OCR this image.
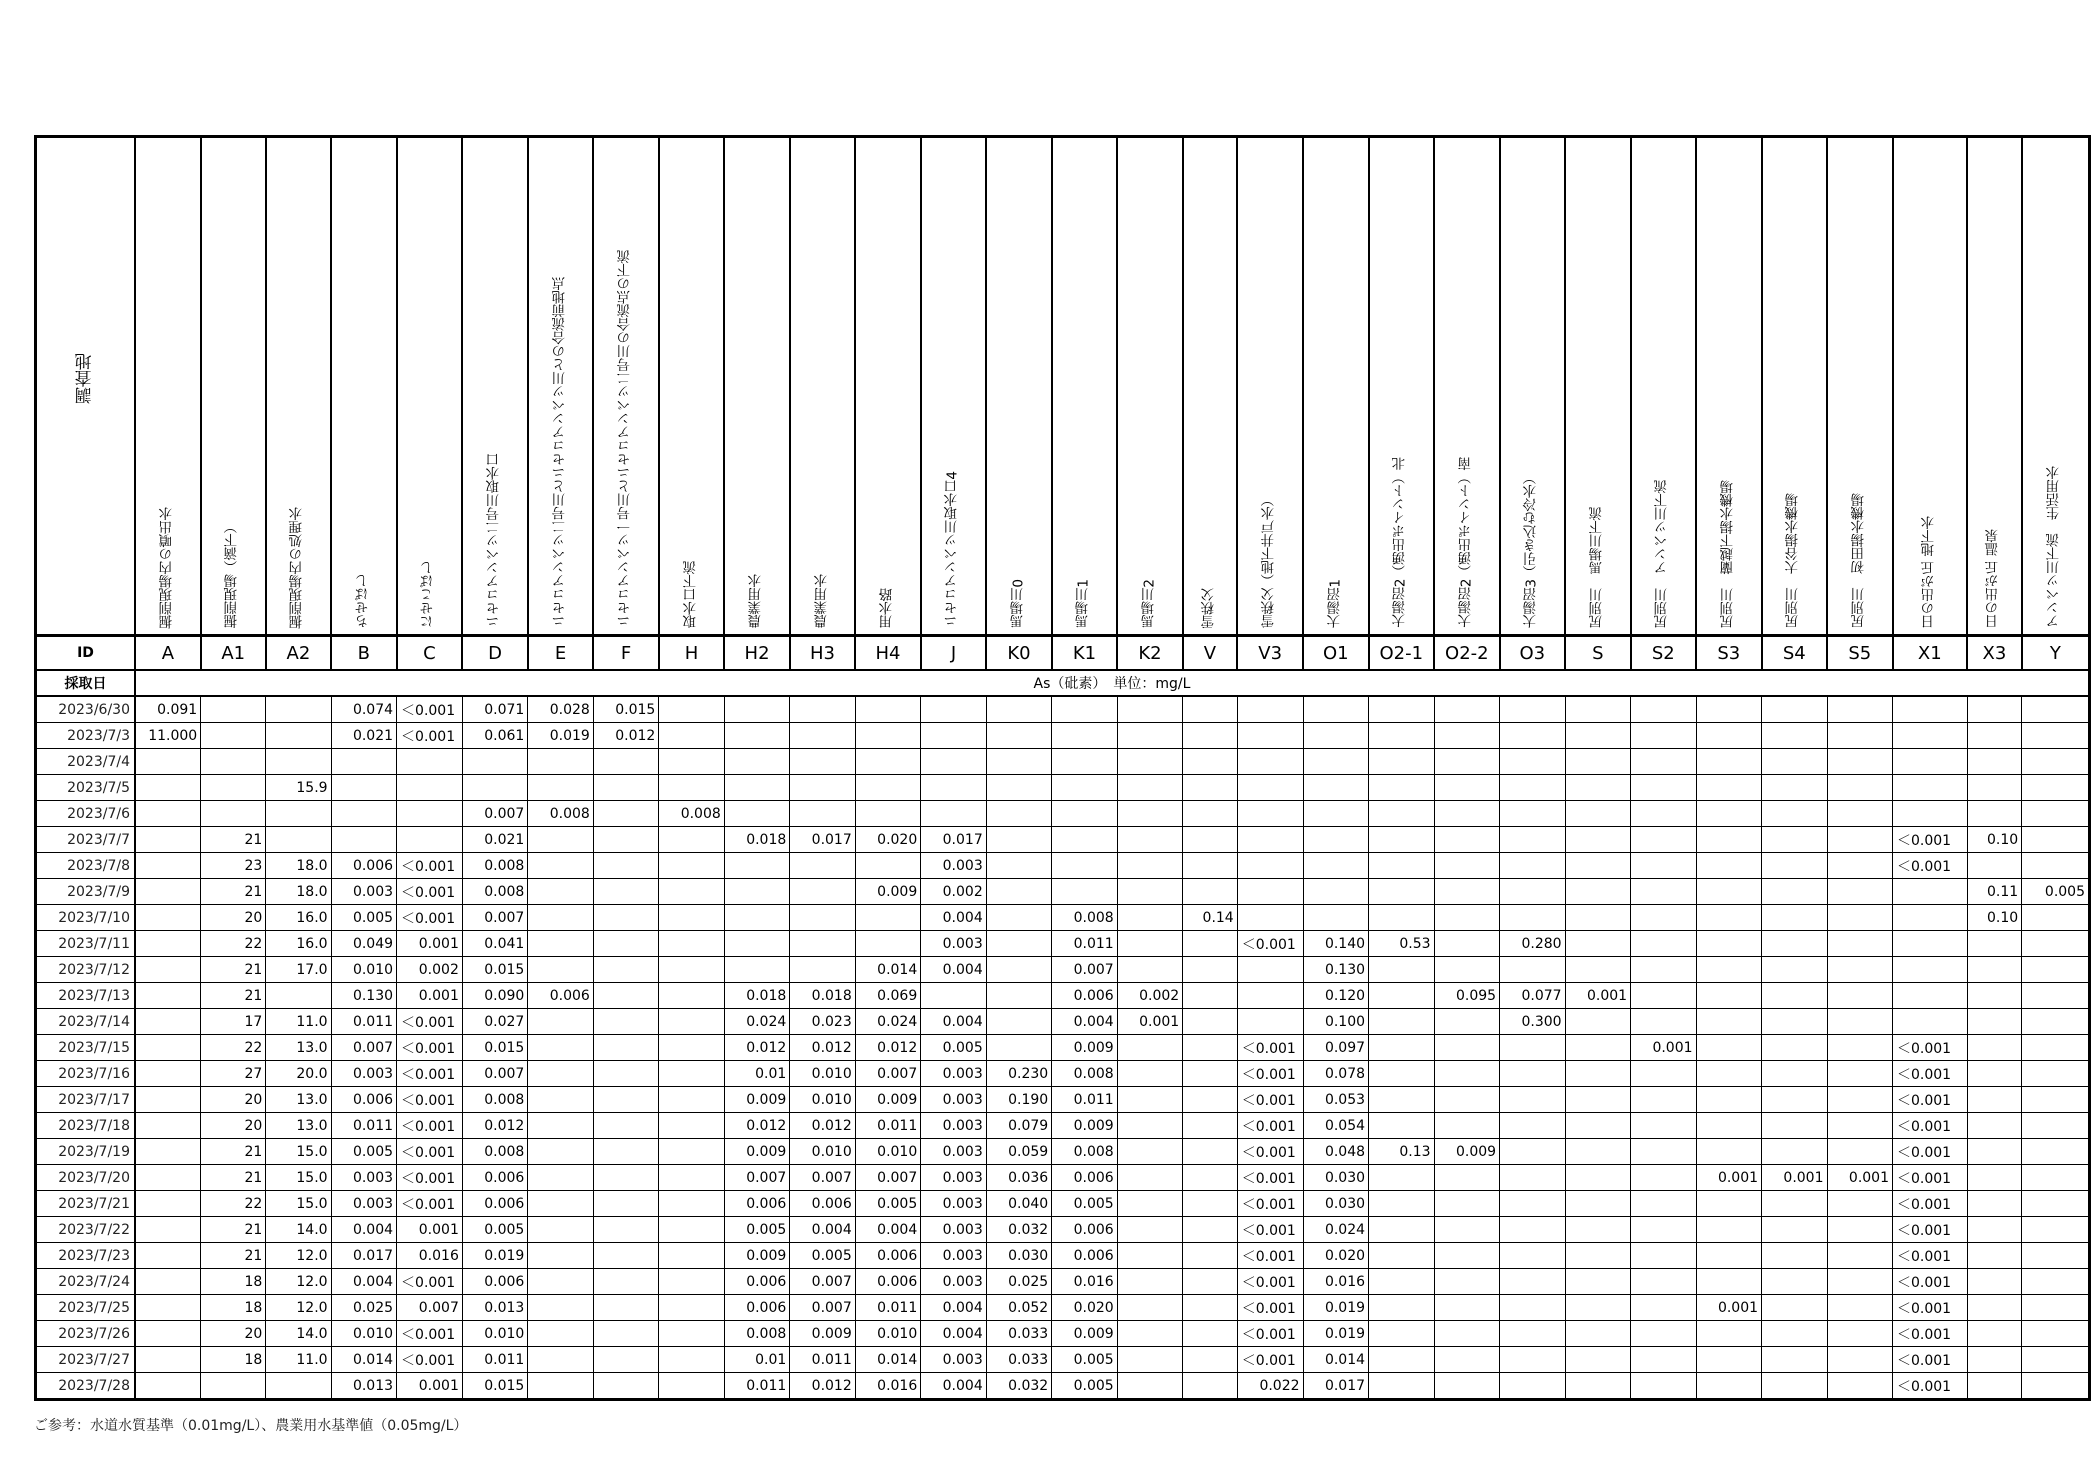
調査地	掘削現場内の噴出水	掘削現場（滴下）	掘削現場内の処理水	ちせばし	にせこばし	ニセコアンベツ二号川取水口	ニセコアンベツ二号川とニセコアンベツ川との合流前地点	ニセコアンベツ一号川とニセコアンベツ二号川の合流点の下流	取水口下流	農業用水	農業用水	用水路	ニセコアンベツ川取水口4	馬場川0	馬場川1	馬場川2	雪秩父	雪秩父（地下井戸水）	大湯沼1	大湯沼2（湧出ポイント）北	大湯沼2（湧出ポイント）南	大湯沼3（引き込む冷水）	尻別川　馬場川下流	尻別川　アンベツ川下流	尻別川　蘭越下揚水機場	尻別川　大谷揚水機場	尻別川　初田揚水機場	日の出が丘 地下水	日の出が丘 温泉	アンベツ川下流　生活用水

ID	A	A1	A2	B	C	D	E	F	H	H2	H3	H4	J	K0	K1	K2	V	V3	O1	O2-1	O2-2	O3	S	S2	S3	S4	S5	X1	X3	Y
採取日	As（砒素）　単位：mg/L																													
2023/6/30	0.091			0.074	＜0.001	0.071	0.028	0.015																						
2023/7/3	11.000			0.021	＜0.001	0.061	0.019	0.012																						
2023/7/4																														
2023/7/5			15.9																											
2023/7/6						0.007	0.008		0.008																					
2023/7/7		21				0.021				0.018	0.017	0.020	0.017															＜0.001	0.10	
2023/7/8		23	18.0	0.006	＜0.001	0.008							0.003															＜0.001		
2023/7/9		21	18.0	0.003	＜0.001	0.008						0.009	0.002																0.11	0.005
2023/7/10		20	16.0	0.005	＜0.001	0.007							0.004		0.008		0.14												0.10	
2023/7/11		22	16.0	0.049	0.001	0.041							0.003		0.011			＜0.001	0.140	0.53		0.280								
2023/7/12		21	17.0	0.010	0.002	0.015						0.014	0.004		0.007				0.130											
2023/7/13		21		0.130	0.001	0.090	0.006			0.018	0.018	0.069			0.006	0.002			0.120		0.095	0.077	0.001							
2023/7/14		17	11.0	0.011	＜0.001	0.027				0.024	0.023	0.024	0.004		0.004	0.001			0.100			0.300								
2023/7/15		22	13.0	0.007	＜0.001	0.015				0.012	0.012	0.012	0.005		0.009			＜0.001	0.097					0.001				＜0.001		
2023/7/16		27	20.0	0.003	＜0.001	0.007				0.01	0.010	0.007	0.003	0.230	0.008			＜0.001	0.078									＜0.001		
2023/7/17		20	13.0	0.006	＜0.001	0.008				0.009	0.010	0.009	0.003	0.190	0.011			＜0.001	0.053									＜0.001		
2023/7/18		20	13.0	0.011	＜0.001	0.012				0.012	0.012	0.011	0.003	0.079	0.009			＜0.001	0.054									＜0.001		
2023/7/19		21	15.0	0.005	＜0.001	0.008				0.009	0.010	0.010	0.003	0.059	0.008			＜0.001	0.048	0.13	0.009							＜0.001		
2023/7/20		21	15.0	0.003	＜0.001	0.006				0.007	0.007	0.007	0.003	0.036	0.006			＜0.001	0.030						0.001	0.001	0.001	＜0.001		
2023/7/21		22	15.0	0.003	＜0.001	0.006				0.006	0.006	0.005	0.003	0.040	0.005			＜0.001	0.030									＜0.001		
2023/7/22		21	14.0	0.004	0.001	0.005				0.005	0.004	0.004	0.003	0.032	0.006			＜0.001	0.024									＜0.001		
2023/7/23		21	12.0	0.017	0.016	0.019				0.009	0.005	0.006	0.003	0.030	0.006			＜0.001	0.020									＜0.001		
2023/7/24		18	12.0	0.004	＜0.001	0.006				0.006	0.007	0.006	0.003	0.025	0.016			＜0.001	0.016									＜0.001		
2023/7/25		18	12.0	0.025	0.007	0.013				0.006	0.007	0.011	0.004	0.052	0.020			＜0.001	0.019						0.001			＜0.001		
2023/7/26		20	14.0	0.010	＜0.001	0.010				0.008	0.009	0.010	0.004	0.033	0.009			＜0.001	0.019									＜0.001		
2023/7/27		18	11.0	0.014	＜0.001	0.011				0.01	0.011	0.014	0.003	0.033	0.005			＜0.001	0.014									＜0.001		
2023/7/28				0.013	0.001	0.015				0.011	0.012	0.016	0.004	0.032	0.005			0.022	0.017									＜0.001		
ご参考：水道水質基準（0.01mg/L）、農業用水基準値（0.05mg/L）
